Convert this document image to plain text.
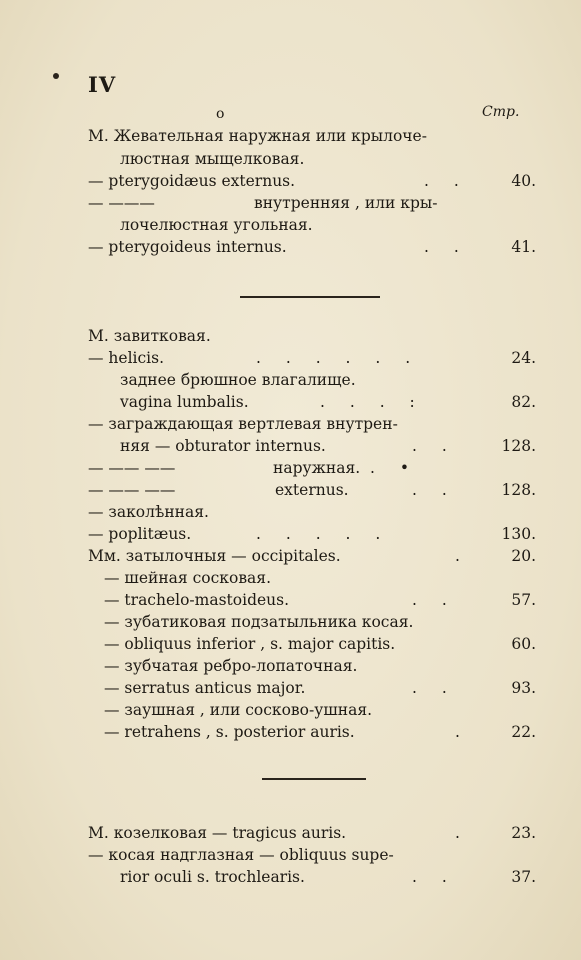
IV
o	Стр.
М. Жевательная наружная или крылоче-
люстная мыщелковая.
— pterygoidæus externus.	. .	40.
— ———	внутренняя , или кры-
лочелюстная угольная.
— pterygoideus internus.	. .	41.
М. завитковая.
— helicis.	. . . . . .	24.
заднее брюшное влагалище.
vagina lumbalis.	. . . :	82.
— заграждающая вертлевая внутрен-
няя — obturator internus.	. .	128.
— —— ——	наружная. . •
— —— ——	externus.	. .	128.
— заколѣнная.
— poplitæus.	. . . . .	130.
Мм. затылочныя — occipitales.	.	20.
— шейная сосковая.
— trachelo-mastoideus.	. .	57.
— зубатиковая подзатыльника косая.
— obliquus inferior , s. major capitis.	60.
— зубчатая ребро-лопаточная.
— serratus anticus major.	. .	93.
— заушная , или сосково-ушная.
— retrahens , s. posterior auris.	.	22.
М. козелковая — tragicus auris.	.	23.
— косая надглазная — obliquus supe-
rior oculi s. trochlearis.	. .	37.
